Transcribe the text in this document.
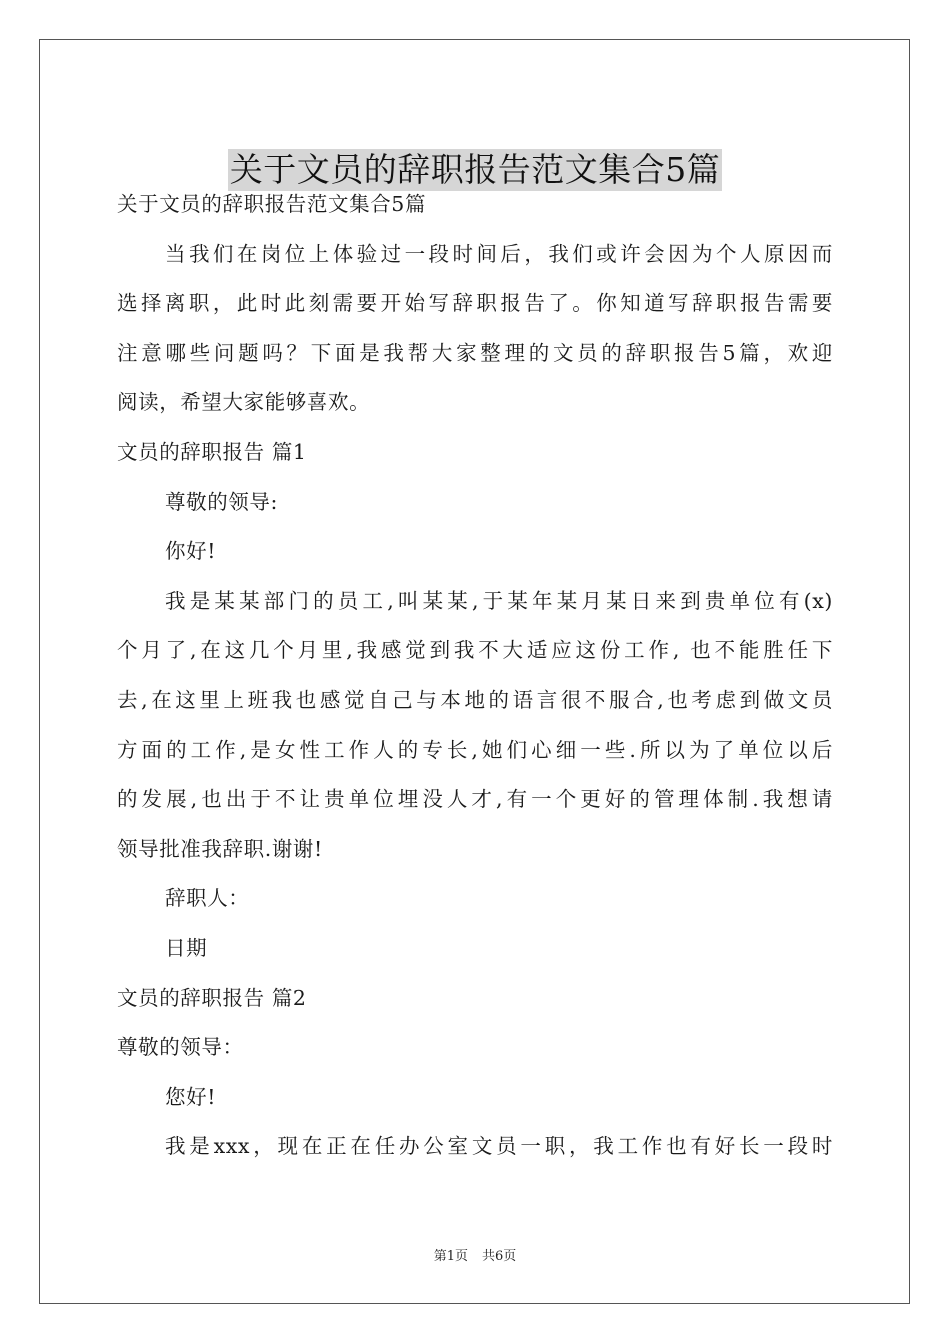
关于文员的辞职报告范文集合5篇
关于文员的辞职报告范文集合5篇
当我们在岗位上体验过一段时间后，我们或许会因为个人原因而
选择离职，此时此刻需要开始写辞职报告了。你知道写辞职报告需要
注意哪些问题吗？下面是我帮大家整理的文员的辞职报告5篇，欢迎
阅读，希望大家能够喜欢。
文员的辞职报告 篇1
尊敬的领导:
你好!
我是某某部门的员工,叫某某,于某年某月某日来到贵单位有(x)
个月了,在这几个月里,我感觉到我不大适应这份工作, 也不能胜任下
去,在这里上班我也感觉自己与本地的语言很不服合,也考虑到做文员
方面的工作,是女性工作人的专长,她们心细一些.所以为了单位以后
的发展,也出于不让贵单位埋没人才,有一个更好的管理体制.我想请
领导批准我辞职.谢谢!
辞职人：
日期
文员的辞职报告 篇2
尊敬的领导：
您好!
我是xxx，现在正在任办公室文员一职，我工作也有好长一段时
第1页 共6页
